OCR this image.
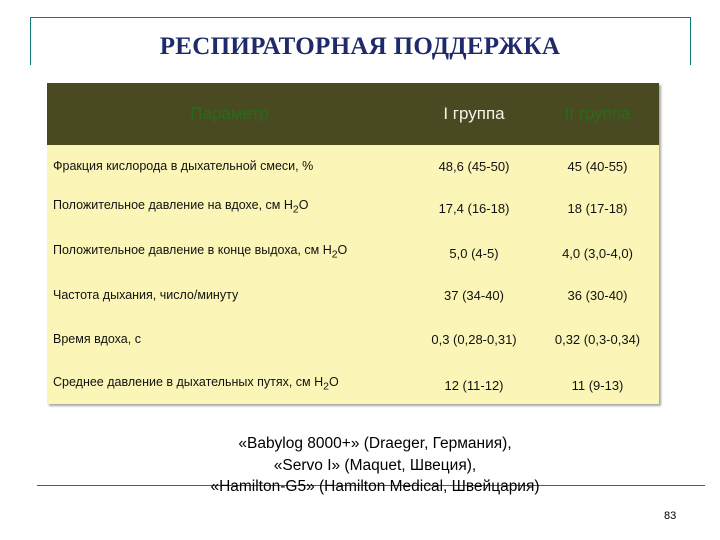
РЕСПИРАТОРНАЯ ПОДДЕРЖКА
Параметр	I группа	II группа
Фракция кислорода в дыхательной смеси, %	48,6 (45-50)	45 (40-55)
Положительное давление на вдохе, см $Н_2О$	17,4 (16-18)	18 (17-18)
Положительное давление в конце выдоха, см $Н_2О$	5,0 (4-5)	4,0 (3,0-4,0)
Частота дыхания, число/минуту	37 (34-40)	36 (30-40)
Время вдоха, с	0,3 (0,28-0,31)	0,32 (0,3-0,34)
Среднее давление в дыхательных путях, см $Н_2О$	12 (11-12)	11 (9-13)
«Babylog 8000+» (Draeger, Германия),
«Servo I» (Maquet, Швеция),
«Hamilton-G5» (Hamilton Medical, Швейцария)
83
